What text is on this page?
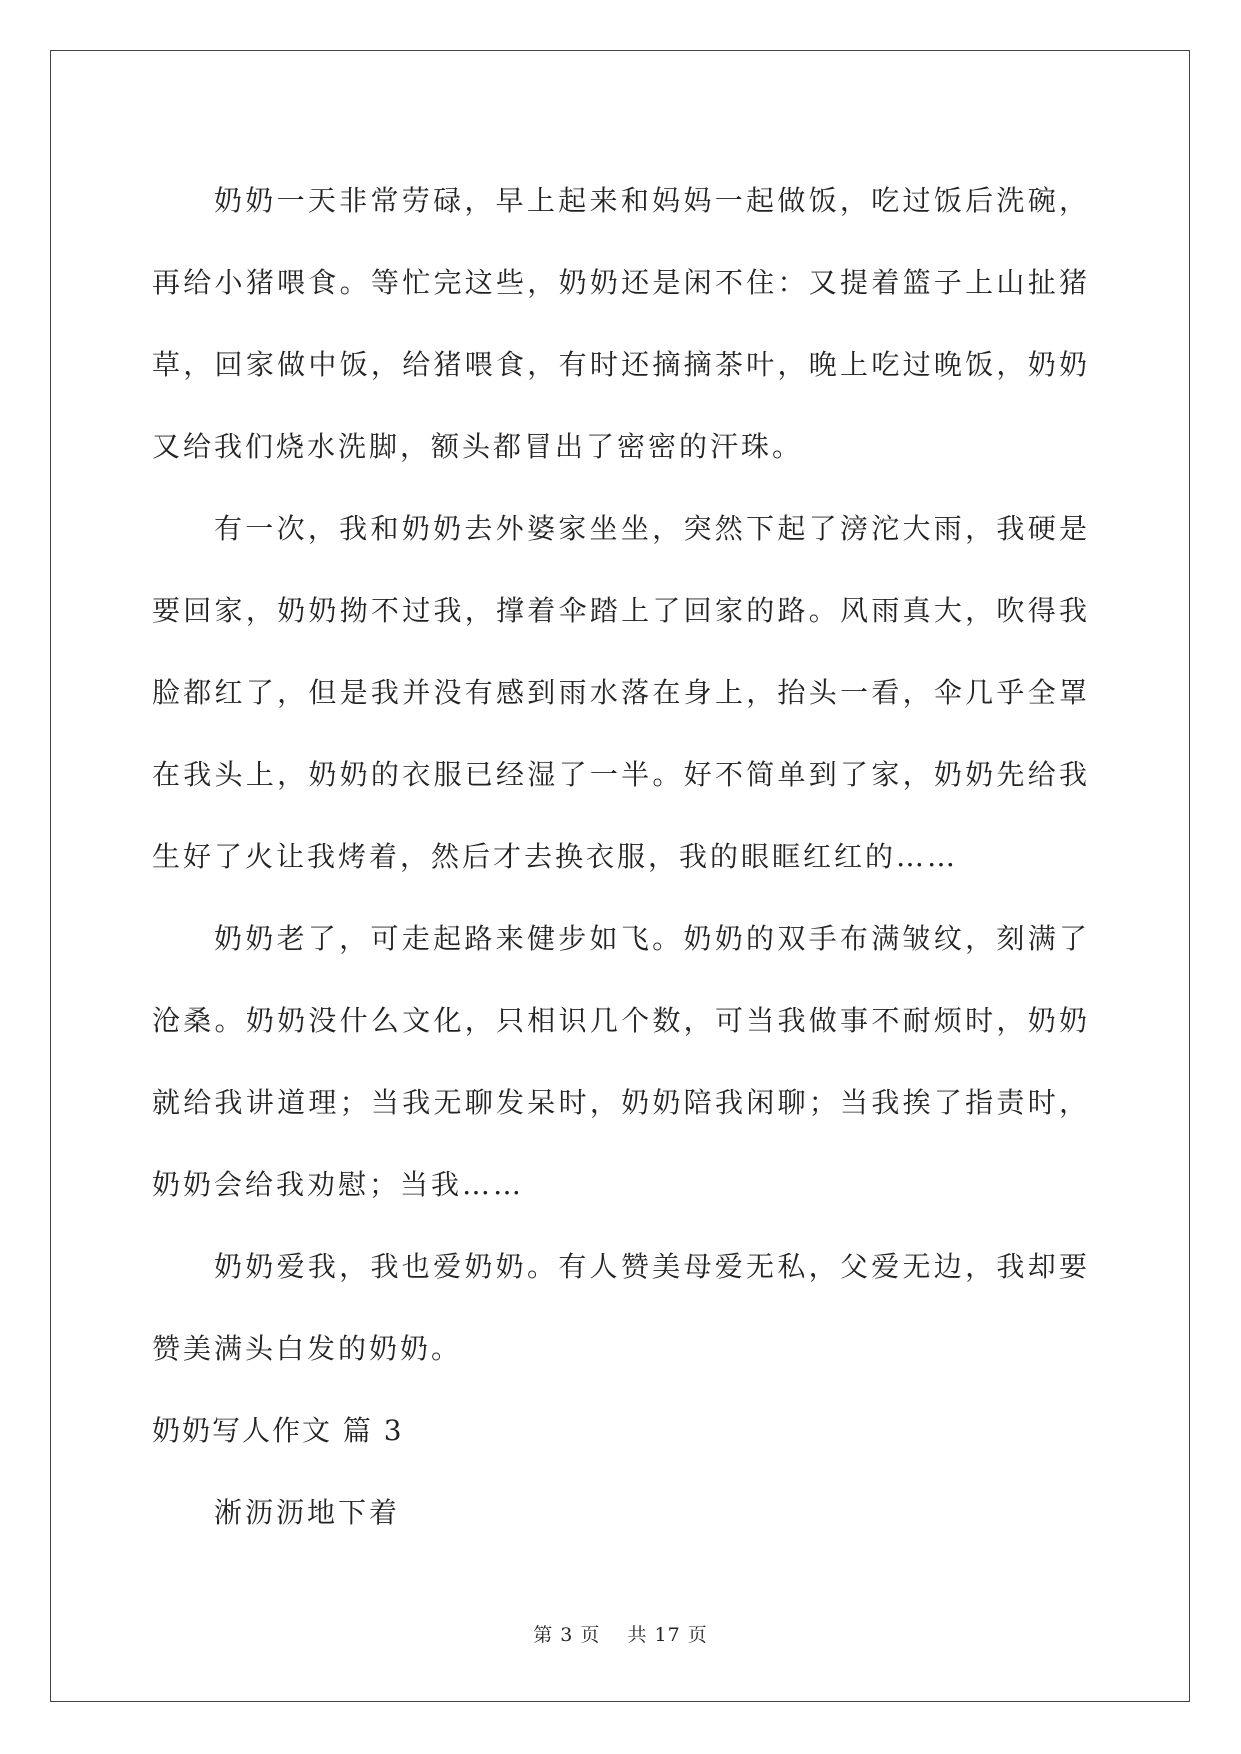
奶奶一天非常劳碌，早上起来和妈妈一起做饭，吃过饭后洗碗，再给小猪喂食。等忙完这些，奶奶还是闲不住：又提着篮子上山扯猪草，回家做中饭，给猪喂食，有时还摘摘茶叶，晚上吃过晚饭，奶奶又给我们烧水洗脚，额头都冒出了密密的汗珠。

有一次，我和奶奶去外婆家坐坐，突然下起了滂沱大雨，我硬是要回家，奶奶拗不过我，撑着伞踏上了回家的路。风雨真大，吹得我脸都红了，但是我并没有感到雨水落在身上，抬头一看，伞几乎全罩在我头上，奶奶的衣服已经湿了一半。好不简单到了家，奶奶先给我生好了火让我烤着，然后才去换衣服，我的眼眶红红的……

奶奶老了，可走起路来健步如飞。奶奶的双手布满皱纹，刻满了沧桑。奶奶没什么文化，只相识几个数，可当我做事不耐烦时，奶奶就给我讲道理；当我无聊发呆时，奶奶陪我闲聊；当我挨了指责时，奶奶会给我劝慰；当我……

奶奶爱我，我也爱奶奶。有人赞美母爱无私，父爱无边，我却要赞美满头白发的奶奶。

奶奶写人作文 篇 3

淅沥沥地下着

第 3 页 共 17 页
